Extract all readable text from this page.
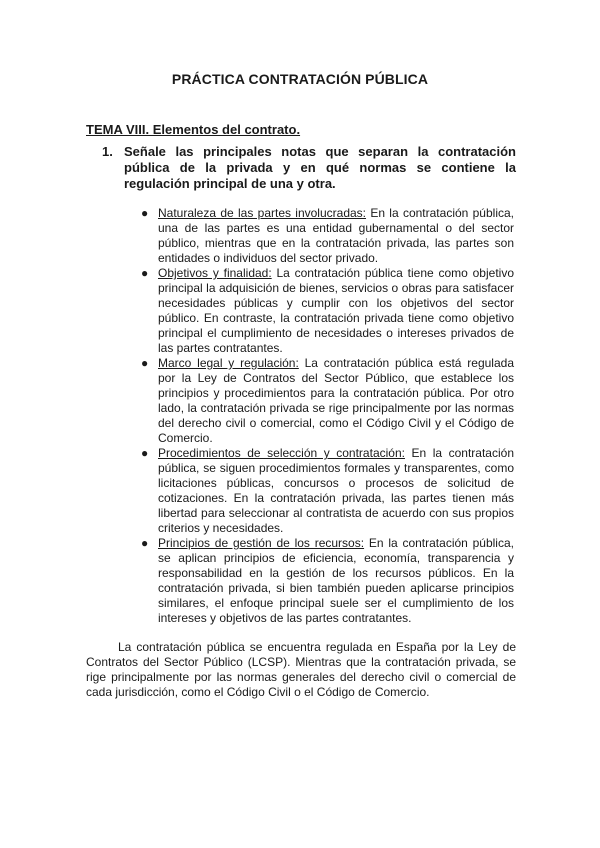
PRÁCTICA CONTRATACIÓN PÚBLICA
TEMA VIII. Elementos del contrato.
1. Señale las principales notas que separan la contratación pública de la privada y en qué normas se contiene la regulación principal de una y otra.
● Naturaleza de las partes involucradas: En la contratación pública, una de las partes es una entidad gubernamental o del sector público, mientras que en la contratación privada, las partes son entidades o individuos del sector privado.
● Objetivos y finalidad: La contratación pública tiene como objetivo principal la adquisición de bienes, servicios o obras para satisfacer necesidades públicas y cumplir con los objetivos del sector público. En contraste, la contratación privada tiene como objetivo principal el cumplimiento de necesidades o intereses privados de las partes contratantes.
● Marco legal y regulación: La contratación pública está regulada por la Ley de Contratos del Sector Público, que establece los principios y procedimientos para la contratación pública. Por otro lado, la contratación privada se rige principalmente por las normas del derecho civil o comercial, como el Código Civil y el Código de Comercio.
● Procedimientos de selección y contratación: En la contratación pública, se siguen procedimientos formales y transparentes, como licitaciones públicas, concursos o procesos de solicitud de cotizaciones. En la contratación privada, las partes tienen más libertad para seleccionar al contratista de acuerdo con sus propios criterios y necesidades.
● Principios de gestión de los recursos: En la contratación pública, se aplican principios de eficiencia, economía, transparencia y responsabilidad en la gestión de los recursos públicos. En la contratación privada, si bien también pueden aplicarse principios similares, el enfoque principal suele ser el cumplimiento de los intereses y objetivos de las partes contratantes.

La contratación pública se encuentra regulada en España por la Ley de Contratos del Sector Público (LCSP). Mientras que la contratación privada, se rige principalmente por las normas generales del derecho civil o comercial de cada jurisdicción, como el Código Civil o el Código de Comercio.
